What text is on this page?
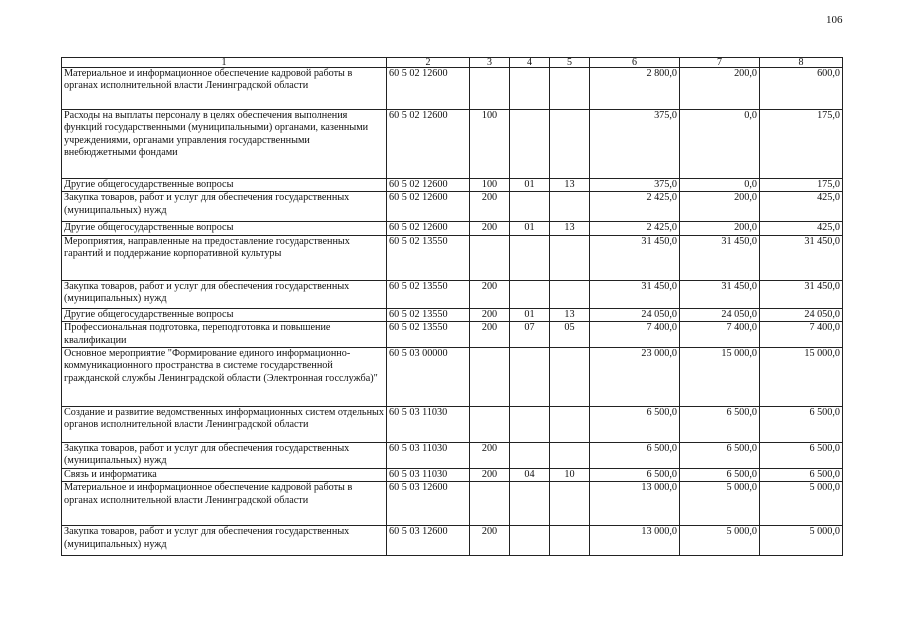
106
1	2	3	4	5	6	7	8
Материальное и информационное обеспечение кадровой работы в органах исполнительной власти Ленинградской области	60 5 02 12600				2 800,0	200,0	600,0
Расходы на выплаты персоналу в целях обеспечения выполнения функций государственными (муниципальными) органами, казенными учреждениями, органами управления государственными внебюджетными фондами	60 5 02 12600	100			375,0	0,0	175,0
Другие общегосударственные вопросы	60 5 02 12600	100	01	13	375,0	0,0	175,0
Закупка товаров, работ и услуг для обеспечения государственных (муниципальных) нужд	60 5 02 12600	200			2 425,0	200,0	425,0
Другие общегосударственные вопросы	60 5 02 12600	200	01	13	2 425,0	200,0	425,0
Мероприятия, направленные на предоставление государственных гарантий и поддержание корпоративной культуры	60 5 02 13550				31 450,0	31 450,0	31 450,0
Закупка товаров, работ и услуг для обеспечения государственных (муниципальных) нужд	60 5 02 13550	200			31 450,0	31 450,0	31 450,0
Другие общегосударственные вопросы	60 5 02 13550	200	01	13	24 050,0	24 050,0	24 050,0
Профессиональная подготовка, переподготовка и повышение квалификации	60 5 02 13550	200	07	05	7 400,0	7 400,0	7 400,0
Основное мероприятие "Формирование единого информационно-коммуникационного пространства в системе государственной гражданской службы Ленинградской области (Электронная госслужба)"	60 5 03 00000				23 000,0	15 000,0	15 000,0
Создание и развитие ведомственных информационных систем отдельных органов исполнительной власти Ленинградской области	60 5 03 11030				6 500,0	6 500,0	6 500,0
Закупка товаров, работ и услуг для обеспечения государственных (муниципальных) нужд	60 5 03 11030	200			6 500,0	6 500,0	6 500,0
Связь и информатика	60 5 03 11030	200	04	10	6 500,0	6 500,0	6 500,0
Материальное и информационное обеспечение кадровой работы в органах исполнительной власти Ленинградской области	60 5 03 12600				13 000,0	5 000,0	5 000,0
Закупка товаров, работ и услуг для обеспечения государственных (муниципальных) нужд	60 5 03 12600	200			13 000,0	5 000,0	5 000,0
